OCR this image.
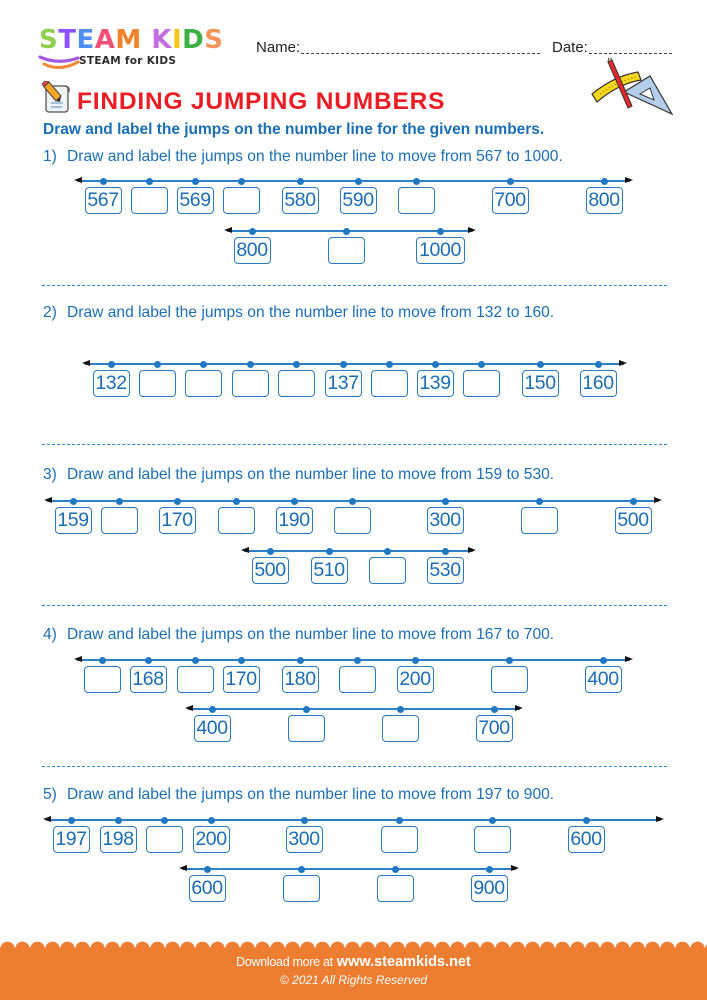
STEAM KIDS
STEAM for KIDS
Name:	Date:
FINDING JUMPING NUMBERS
Draw and label the jumps on the number line for the given numbers.
1) Draw and label the jumps on the number line to move from 567 to 1000.
567	569	580 590	700	800
800	1000
2) Draw and label the jumps on the number line to move from 132 to 160.
132	137	139	150 160
3) Draw and label the jumps on the number line to move from 159 to 530.
159	170	190	300	500
500 510	530
4) Draw and label the jumps on the number line to move from 167 to 700.
168	170 180	200	400
400	700
5) Draw and label the jumps on the number line to move from 197 to 900.
197 198	200	300	600
600	900
Download more at www.steamkids.net
© 2021 All Rights Reserved
